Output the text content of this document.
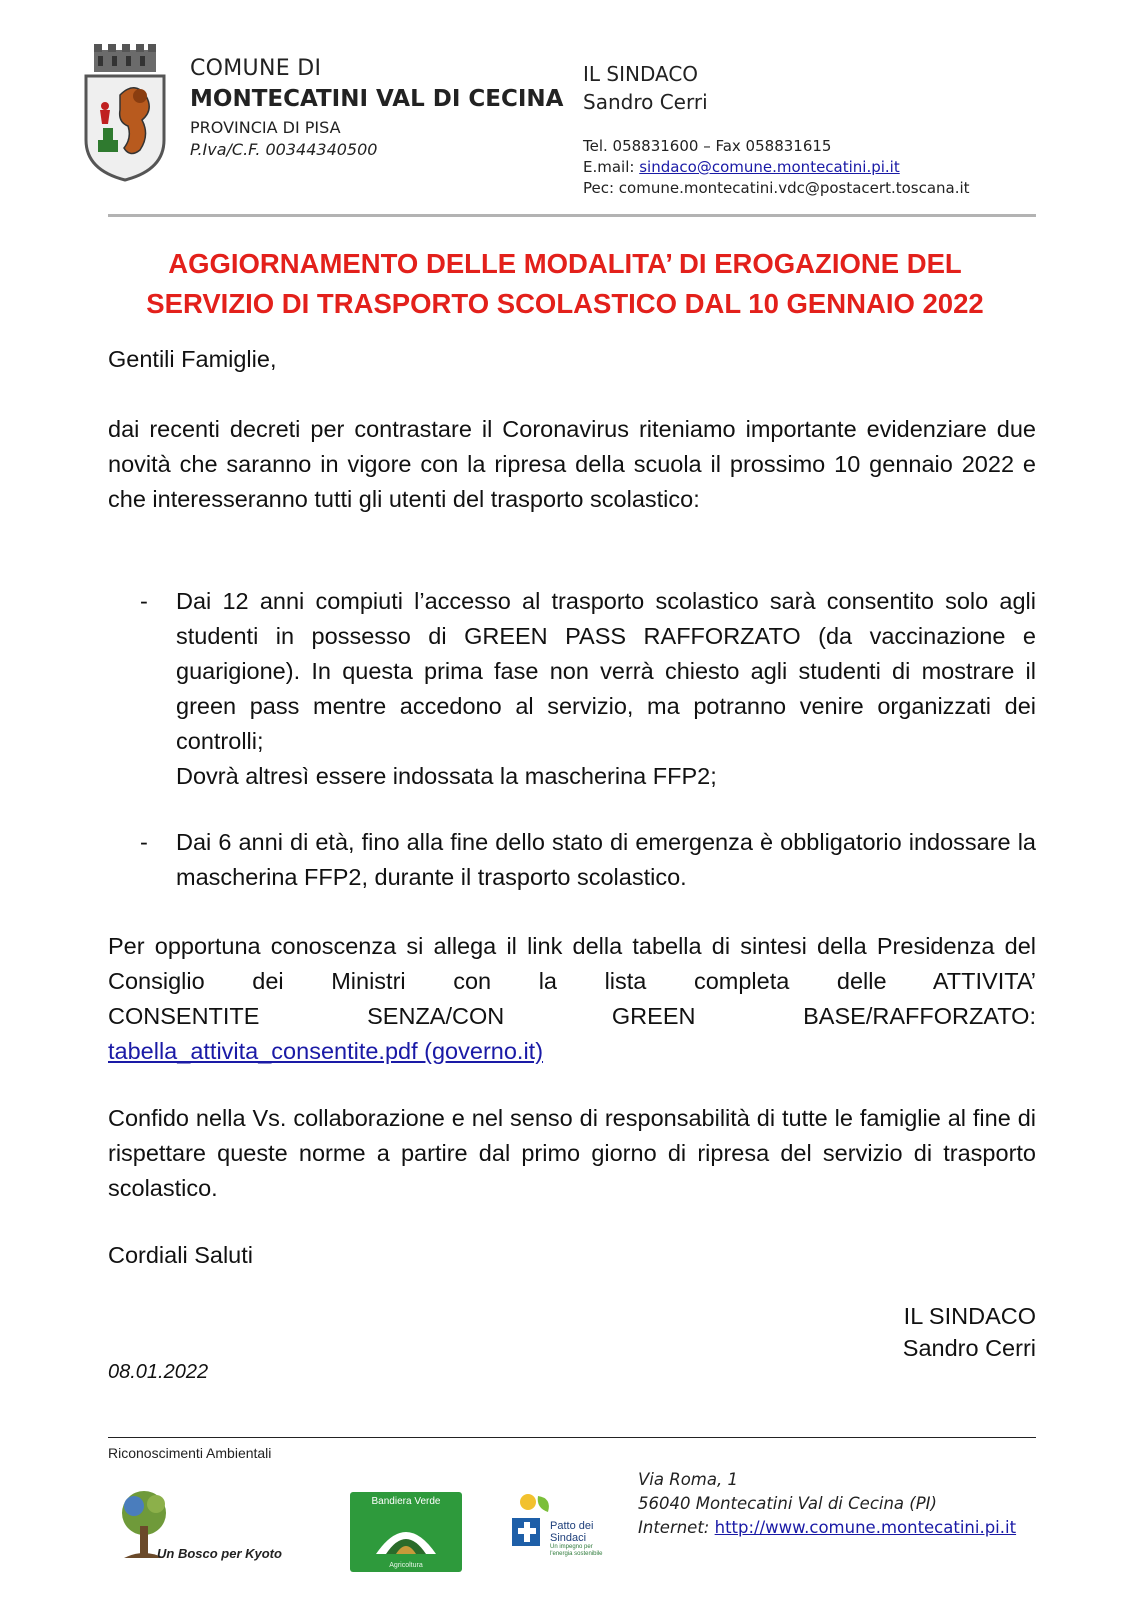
COMUNE DI
MONTECATINI VAL DI CECINA
PROVINCIA DI PISA
P.Iva/C.F. 00344340500
IL SINDACO
Sandro Cerri
Tel. 058831600 – Fax 058831615
E.mail: sindaco@comune.montecatini.pi.it
Pec: comune.montecatini.vdc@postacert.toscana.it
AGGIORNAMENTO DELLE MODALITA’ DI EROGAZIONE DEL
SERVIZIO DI TRASPORTO SCOLASTICO DAL 10 GENNAIO 2022
Gentili Famiglie,
dai recenti decreti per contrastare il Coronavirus riteniamo importante evidenziare due novità che saranno in vigore con la ripresa della scuola il prossimo 10 gennaio 2022 e che interesseranno tutti gli utenti del trasporto scolastico:
- Dai 12 anni compiuti l’accesso al trasporto scolastico sarà consentito solo agli studenti in possesso di GREEN PASS RAFFORZATO (da vaccinazione e guarigione). In questa prima fase non verrà chiesto agli studenti di mostrare il green pass mentre accedono al servizio, ma potranno venire organizzati dei controlli;
Dovrà altresì essere indossata la mascherina FFP2;
- Dai 6 anni di età, fino alla fine dello stato di emergenza è obbligatorio indossare la mascherina FFP2, durante il trasporto scolastico.
Per opportuna conoscenza si allega il link della tabella di sintesi della Presidenza del Consiglio dei Ministri con la lista completa delle ATTIVITA’
CONSENTITE SENZA/CON GREEN BASE/RAFFORZATO:
tabella_attivita_consentite.pdf (governo.it)
Confido nella Vs. collaborazione e nel senso di responsabilità di tutte le famiglie al fine di rispettare queste norme a partire dal primo giorno di ripresa del servizio di trasporto scolastico.
Cordiali Saluti
IL SINDACO
Sandro Cerri
08.01.2022
Riconoscimenti Ambientali
Un Bosco per Kyoto
Bandiera Verde
Agricoltura
Patto dei
Sindaci
Un impegno per
l'energia sostenibile
Via Roma, 1
56040 Montecatini Val di Cecina (PI)
Internet: http://www.comune.montecatini.pi.it
